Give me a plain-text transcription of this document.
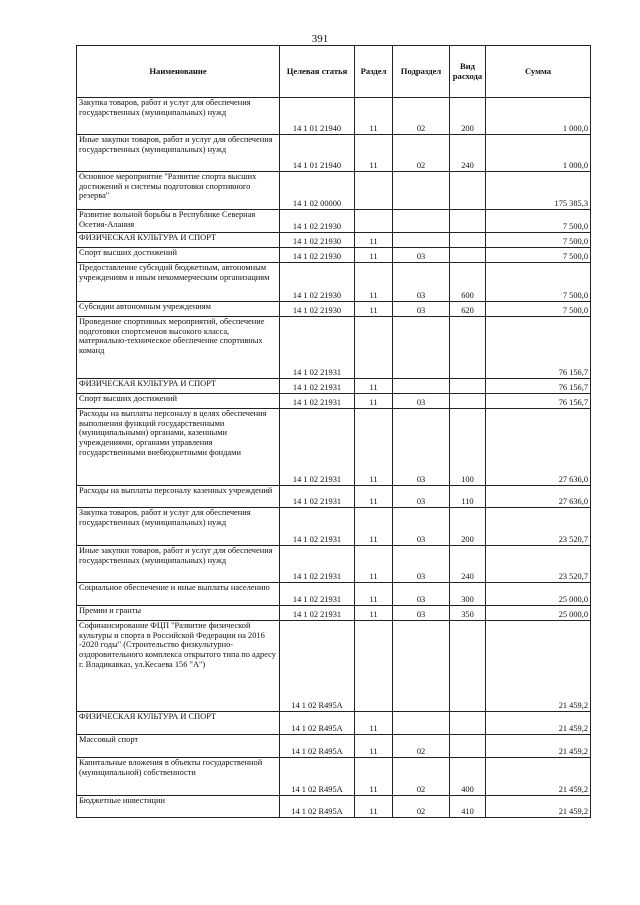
391
Наименование	Целевая статья	Раздел	Подраздел	Вид расхода	Сумма
Закупка товаров, работ и услуг для обеспечения государственных (муниципальных) нужд	14 1 01 21940	11	02	200	1 000,0
Иные закупки товаров, работ и услуг для обеспечения государственных (муниципальных) нужд	14 1 01 21940	11	02	240	1 000,0
Основное мероприятие "Развитие спорта высших достижений и системы подготовки спортивного резерва"	14 1 02 00000				175 385,3
Развитие вольной борьбы в Республике Северная Осетия-Алания	14 1 02 21930				7 500,0
ФИЗИЧЕСКАЯ КУЛЬТУРА И СПОРТ	14 1 02 21930	11			7 500,0
Спорт высших достижений	14 1 02 21930	11	03		7 500,0
Предоставление субсидий бюджетным, автономным учреждениям и иным некоммерческим организациям	14 1 02 21930	11	03	600	7 500,0
Субсидии автономным учреждениям	14 1 02 21930	11	03	620	7 500,0
Проведение спортивных мероприятий, обеспечение подготовки спортсменов высокого класса, материально-техническое обеспечение спортивных команд	14 1 02 21931				76 156,7
ФИЗИЧЕСКАЯ КУЛЬТУРА И СПОРТ	14 1 02 21931	11			76 156,7
Спорт высших достижений	14 1 02 21931	11	03		76 156,7
Расходы на выплаты персоналу в целях обеспечения выполнения функций государственными (муниципальными) органами, казенными учреждениями, органами управления государственными внебюджетными фондами	14 1 02 21931	11	03	100	27 636,0
Расходы на выплаты персоналу казенных учреждений	14 1 02 21931	11	03	110	27 636,0
Закупка товаров, работ и услуг для обеспечения государственных (муниципальных) нужд	14 1 02 21931	11	03	200	23 520,7
Иные закупки товаров, работ и услуг для обеспечения государственных (муниципальных) нужд	14 1 02 21931	11	03	240	23 520,7
Социальное обеспечение и иные выплаты населению	14 1 02 21931	11	03	300	25 000,0
Премии и гранты	14 1 02 21931	11	03	350	25 000,0
Софинансирование ФЦП "Развитие физической культуры и спорта в Российской Федерации на 2016 -2020 годы" (Строительство физкультурно-оздоровительного комплекса открытого типа по адресу г. Владикавказ, ул.Кесаева 156 "А")	14 1 02 R495A				21 459,2
ФИЗИЧЕСКАЯ КУЛЬТУРА И СПОРТ	14 1 02 R495A	11			21 459,2
Массовый спорт	14 1 02 R495A	11	02		21 459,2
Капитальные вложения в объекты государственной (муниципальной) собственности	14 1 02 R495A	11	02	400	21 459,2
Бюджетные инвестиции	14 1 02 R495A	11	02	410	21 459,2
